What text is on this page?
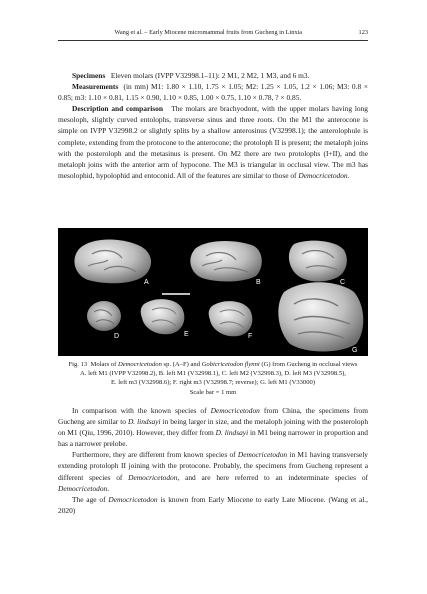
Wang et al. – Early Miocene micromammal fruits from Gucheng in Linxia	123

Specimens Eleven molars (IVPP V32998.1–11): 2 M1, 2 M2, 1 M3, and 6 m3.

Measurements (in mm) M1: 1.80 × 1.10, 1.75 × 1.05; M2: 1.25 × 1.05, 1.2 × 1.06; M3: 0.8 × 0.85; m3: 1.10 × 0.81, 1.15 × 0.90, 1.10 × 0.85, 1.00 × 0.75, 1.10 × 0.78, ? × 0.85.

Description and comparison The molars are brachyodont, with the upper molars having long mesoloph, slightly curved entolophs, transverse sinus and three roots. On the M1 the anterocone is simple on IVPP V32998.2 or slightly splits by a shallow anterosinus (V32998.1); the anterolophule is complete, extending from the protocone to the anterocone; the protoloph II is present; the metaloph joins with the posteroloph and the metasinus is present. On M2 there are two protolophs (I+II), and the metaloph joins with the anterior arm of hypocone. The M3 is triangular in occlusal view. The m3 has mesolophid, hypolophid and entoconid. All of the features are similar to those of Democricetodon.

A	B	C
D	E	F
G
Fig. 13 Molars of Democricetodon sp. (A–F) and Gobicricetodon flynni (G) from Gucheng in occlusal views
A. left M1 (IVPP V32998.2), B. left M1 (V32998.1), C. left M2 (V32998.3), D. left M3 (V32998.5),
E. left m3 (V32998.6); F. right m3 (V32998.7; reverse); G. left M1 (V33000)
Scale bar = 1 mm

In comparison with the known species of Democricetodon from China, the specimens from Gucheng are similar to D. lindsayi in being larger in size, and the metaloph joining with the posteroloph on M1 (Qiu, 1996, 2010). However, they differ from D. lindsayi in M1 being narrower in proportion and has a narrower prelobe.

Furthermore, they are different from known species of Democricetodon in M1 having transversely extending protoloph II joining with the protocone. Probably, the specimens from Gucheng represent a different species of Democricetodon, and are here referred to an indeterminate species of Democricetodon.

The age of Democricetodon is known from Early Miocene to early Late Miocene. (Wang et al., 2020)
